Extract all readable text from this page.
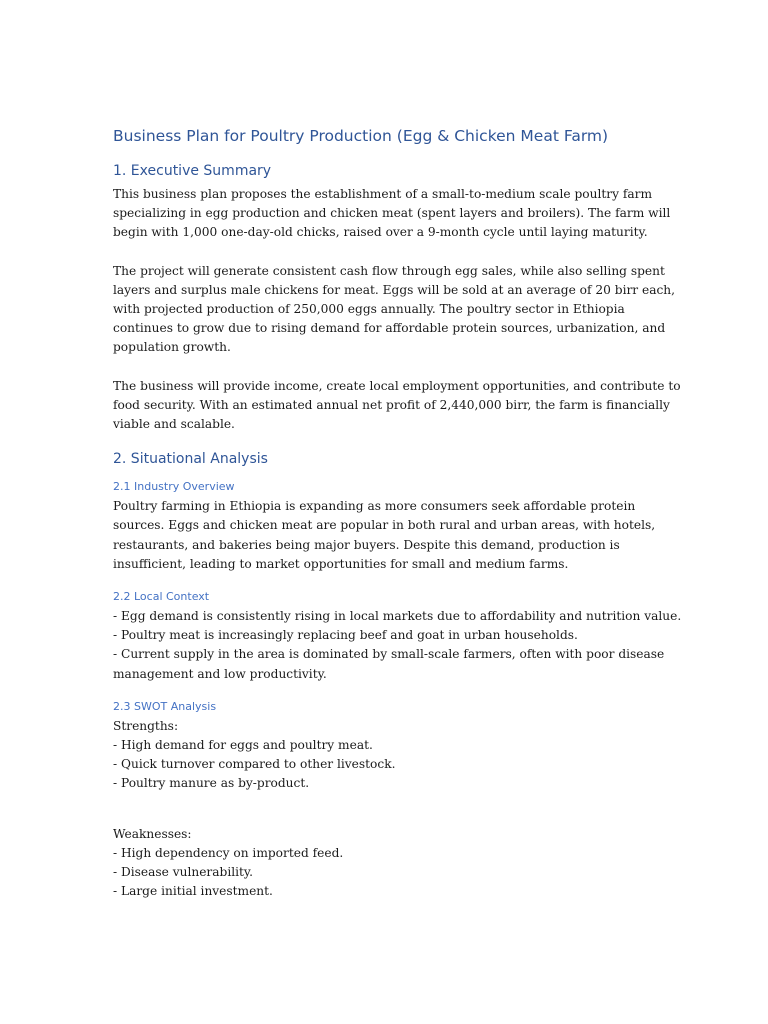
Business Plan for Poultry Production (Egg & Chicken Meat Farm)
1. Executive Summary

This business plan proposes the establishment of a small-to-medium scale poultry farm
specializing in egg production and chicken meat (spent layers and broilers). The farm will
begin with 1,000 one-day-old chicks, raised over a 9-month cycle until laying maturity.

The project will generate consistent cash flow through egg sales, while also selling spent
layers and surplus male chickens for meat. Eggs will be sold at an average of 20 birr each,
with projected production of 250,000 eggs annually. The poultry sector in Ethiopia
continues to grow due to rising demand for affordable protein sources, urbanization, and
population growth.

The business will provide income, create local employment opportunities, and contribute to
food security. With an estimated annual net profit of 2,440,000 birr, the farm is financially
viable and scalable.

2. Situational Analysis
2.1 Industry Overview

Poultry farming in Ethiopia is expanding as more consumers seek affordable protein
sources. Eggs and chicken meat are popular in both rural and urban areas, with hotels,
restaurants, and bakeries being major buyers. Despite this demand, production is
insufficient, leading to market opportunities for small and medium farms.

2.2 Local Context

- Egg demand is consistently rising in local markets due to affordability and nutrition value.
- Poultry meat is increasingly replacing beef and goat in urban households.
- Current supply in the area is dominated by small-scale farmers, often with poor disease
management and low productivity.

2.3 SWOT Analysis

Strengths:
- High demand for eggs and poultry meat.
- Quick turnover compared to other livestock.
- Poultry manure as by-product.

Weaknesses:
- High dependency on imported feed.
- Disease vulnerability.
- Large initial investment.
